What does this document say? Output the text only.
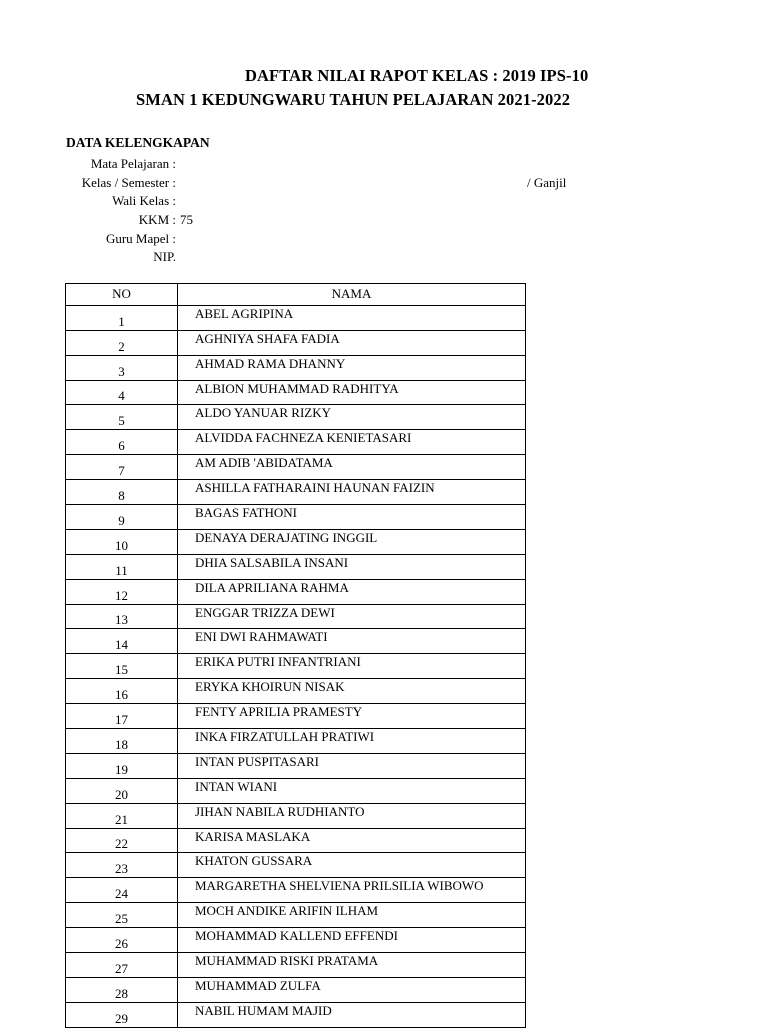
DAFTAR NILAI RAPOT KELAS : 2019 IPS-10
SMAN 1 KEDUNGWARU TAHUN PELAJARAN 2021-2022
DATA KELENGKAPAN
Mata Pelajaran :
Kelas / Semester :	/ Ganjil
Wali Kelas :
KKM : 75
Guru Mapel :
NIP.
NO	NAMA
1	ABEL AGRIPINA
2	AGHNIYA SHAFA FADIA
3	AHMAD RAMA DHANNY
4	ALBION MUHAMMAD RADHITYA
5	ALDO YANUAR RIZKY
6	ALVIDDA FACHNEZA KENIETASARI
7	AM ADIB 'ABIDATAMA
8	ASHILLA FATHARAINI HAUNAN FAIZIN
9	BAGAS FATHONI
10	DENAYA DERAJATING INGGIL
11	DHIA SALSABILA INSANI
12	DILA APRILIANA RAHMA
13	ENGGAR TRIZZA DEWI
14	ENI DWI RAHMAWATI
15	ERIKA PUTRI INFANTRIANI
16	ERYKA KHOIRUN NISAK
17	FENTY APRILIA PRAMESTY
18	INKA FIRZATULLAH PRATIWI
19	INTAN PUSPITASARI
20	INTAN WIANI
21	JIHAN NABILA RUDHIANTO
22	KARISA MASLAKA
23	KHATON GUSSARA
24	MARGARETHA SHELVIENA PRILSILIA WIBOWO
25	MOCH ANDIKE ARIFIN ILHAM
26	MOHAMMAD KALLEND EFFENDI
27	MUHAMMAD RISKI PRATAMA
28	MUHAMMAD ZULFA
29	NABIL HUMAM MAJID
